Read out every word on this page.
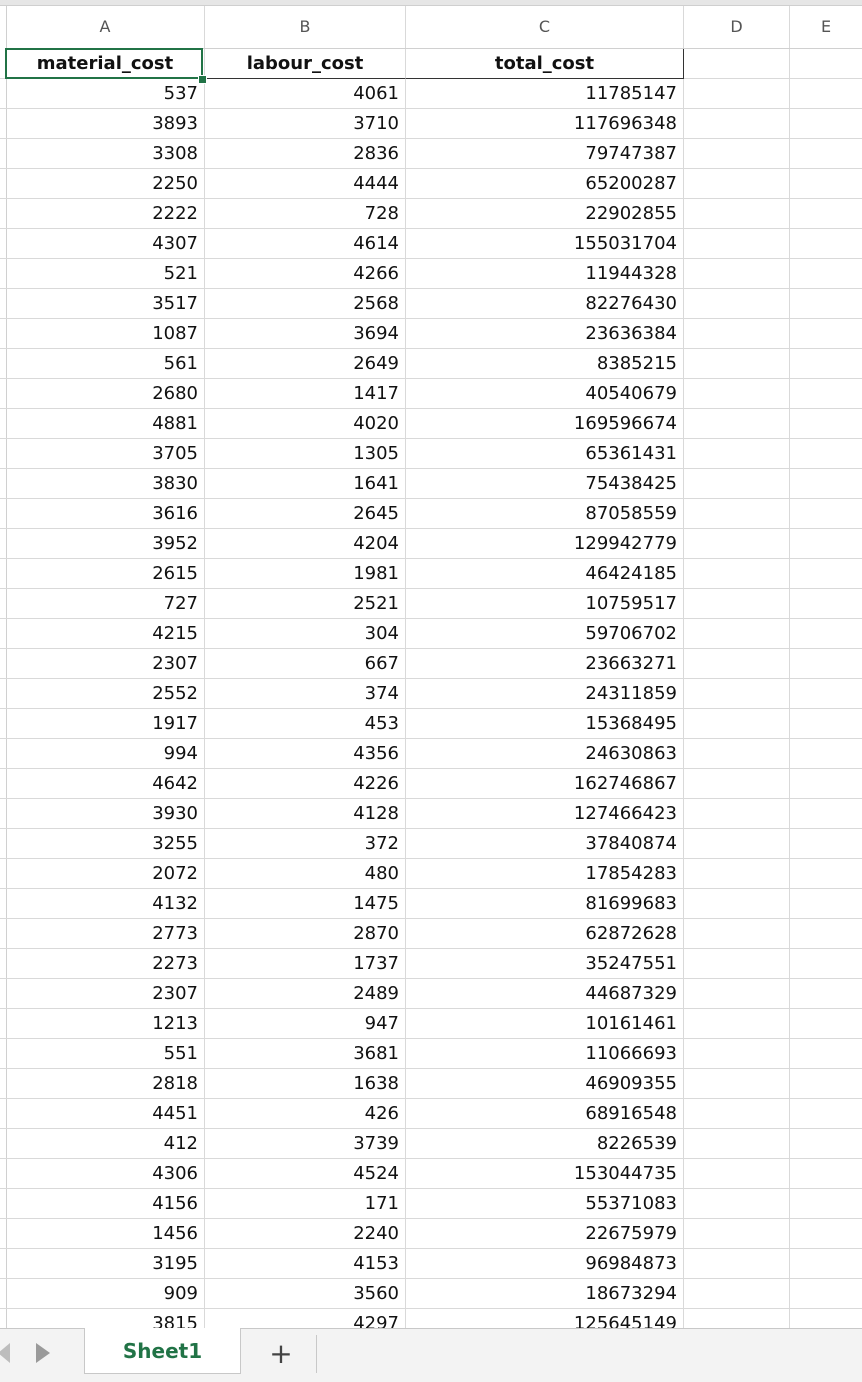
A	B	C	D	E
material_cost	labour_cost	total_cost
537	4061	11785147
3893	3710	117696348
3308	2836	79747387
2250	4444	65200287
2222	728	22902855
4307	4614	155031704
521	4266	11944328
3517	2568	82276430
1087	3694	23636384
561	2649	8385215
2680	1417	40540679
4881	4020	169596674
3705	1305	65361431
3830	1641	75438425
3616	2645	87058559
3952	4204	129942779
2615	1981	46424185
727	2521	10759517
4215	304	59706702
2307	667	23663271
2552	374	24311859
1917	453	15368495
994	4356	24630863
4642	4226	162746867
3930	4128	127466423
3255	372	37840874
2072	480	17854283
4132	1475	81699683
2773	2870	62872628
2273	1737	35247551
2307	2489	44687329
1213	947	10161461
551	3681	11066693
2818	1638	46909355
4451	426	68916548
412	3739	8226539
4306	4524	153044735
4156	171	55371083
1456	2240	22675979
3195	4153	96984873
909	3560	18673294
3815	4297	125645149
Sheet1	+
